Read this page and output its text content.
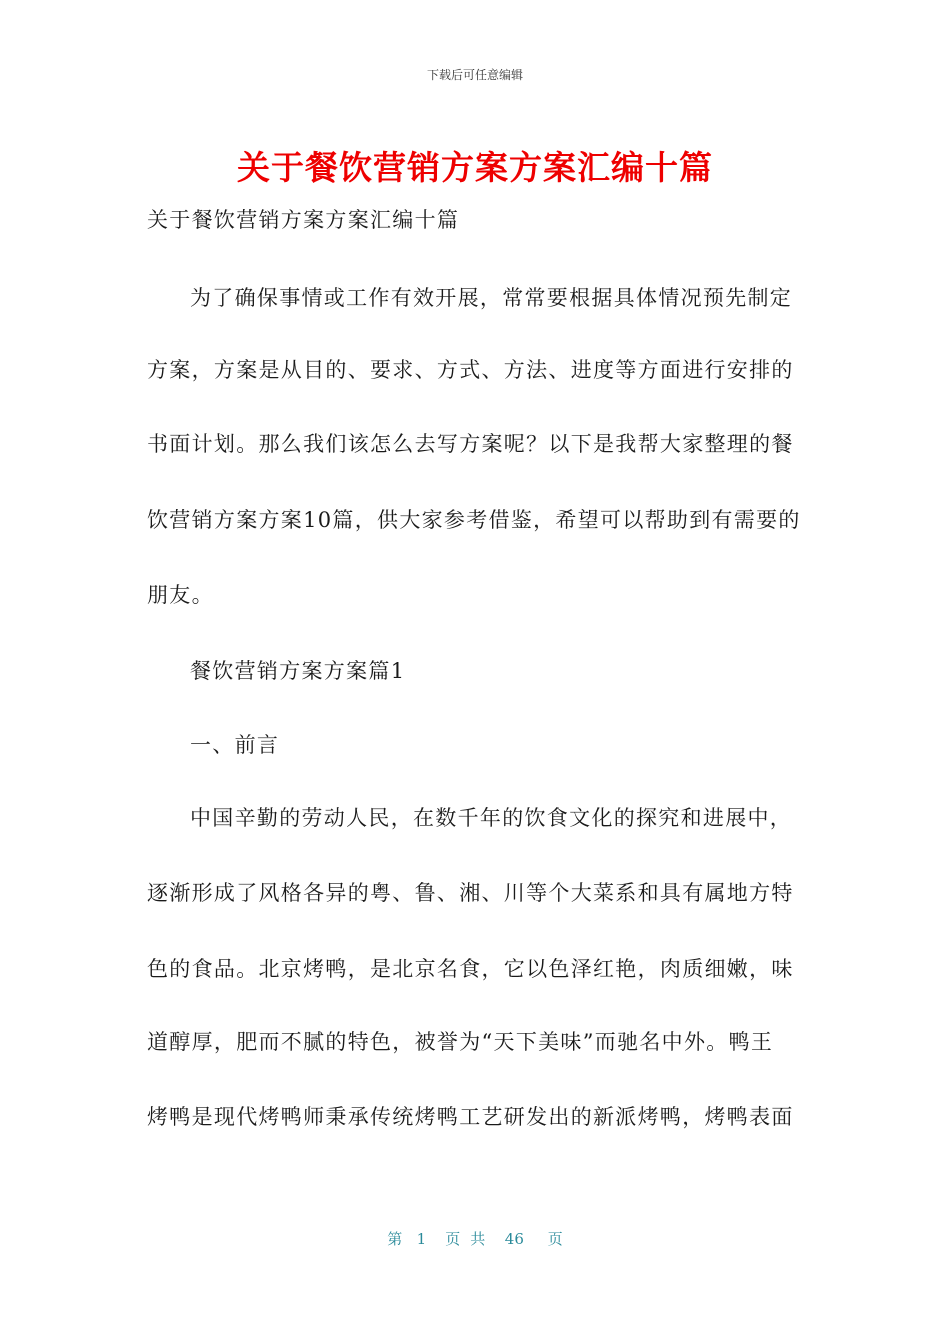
下载后可任意编辑
关于餐饮营销方案方案汇编十篇
关于餐饮营销方案方案汇编十篇
为了确保事情或工作有效开展，常常要根据具体情况预先制定
方案，方案是从目的、要求、方式、方法、进度等方面进行安排的
书面计划。那么我们该怎么去写方案呢？以下是我帮大家整理的餐
饮营销方案方案10篇，供大家参考借鉴，希望可以帮助到有需要的
朋友。
餐饮营销方案方案篇1
一、前言
中国辛勤的劳动人民，在数千年的饮食文化的探究和进展中，
逐渐形成了风格各异的粤、鲁、湘、川等个大菜系和具有属地方特
色的食品。北京烤鸭，是北京名食，它以色泽红艳，肉质细嫩，味
道醇厚，肥而不腻的特色，被誉为“天下美味”而驰名中外。鸭王
烤鸭是现代烤鸭师秉承传统烤鸭工艺研发出的新派烤鸭，烤鸭表面
第 1 页共 46 页
